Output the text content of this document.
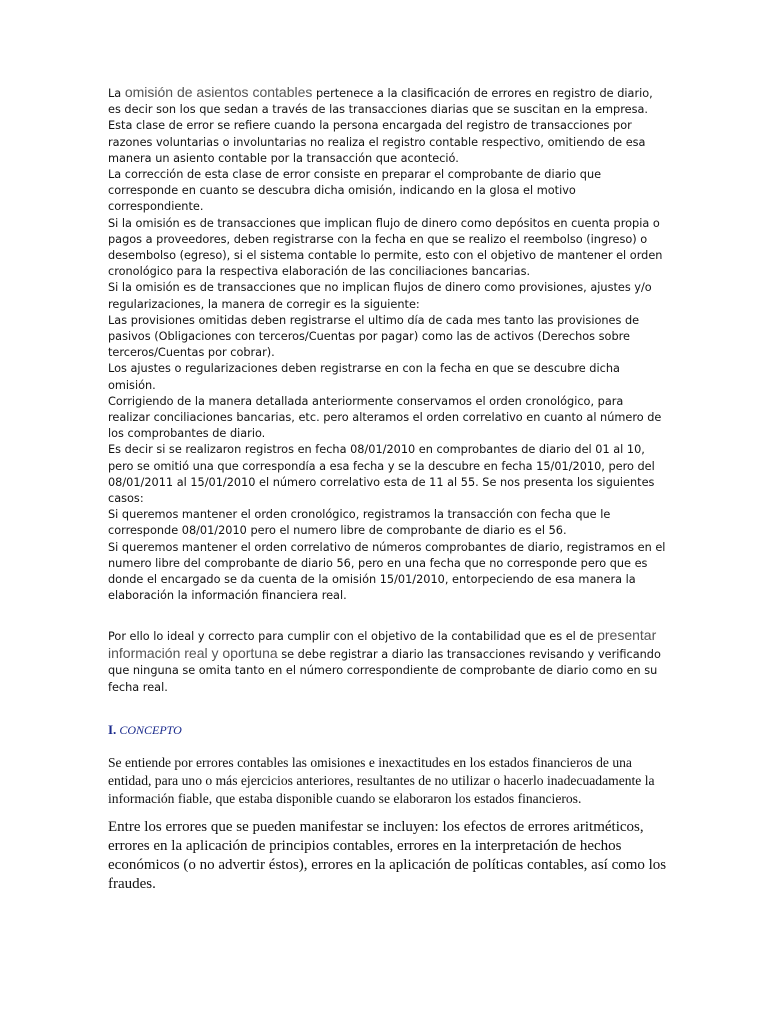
La omisión de asientos contables pertenece a la clasificación de errores en registro de diario, es decir son los que sedan a través de las transacciones diarias que se suscitan en la empresa.

Esta clase de error se refiere cuando la persona encargada del registro de transacciones por razones voluntarias o involuntarias no realiza el registro contable respectivo, omitiendo de esa manera un asiento contable por la transacción que aconteció.

La corrección de esta clase de error consiste en preparar el comprobante de diario que corresponde en cuanto se descubra dicha omisión, indicando en la glosa el motivo correspondiente.

Si la omisión es de transacciones que implican flujo de dinero como depósitos en cuenta propia o pagos a proveedores, deben registrarse con la fecha en que se realizo el reembolso (ingreso) o desembolso (egreso), si el sistema contable lo permite, esto con el objetivo de mantener el orden cronológico para la respectiva elaboración de las conciliaciones bancarias.

Si la omisión es de transacciones que no implican flujos de dinero como provisiones, ajustes y/o regularizaciones, la manera de corregir es la siguiente:

Las provisiones omitidas deben registrarse el ultimo día de cada mes tanto las provisiones de pasivos (Obligaciones con terceros/Cuentas por pagar) como las de activos (Derechos sobre terceros/Cuentas por cobrar).

Los ajustes o regularizaciones deben registrarse en con la fecha en que se descubre dicha omisión.

Corrigiendo de la manera detallada anteriormente conservamos el orden cronológico, para realizar conciliaciones bancarias, etc. pero alteramos el orden correlativo en cuanto al número de los comprobantes de diario.

Es decir si se realizaron registros en fecha 08/01/2010 en comprobantes de diario del 01 al 10, pero se omitió una que correspondía a esa fecha y se la descubre en fecha 15/01/2010, pero del 08/01/2011 al 15/01/2010 el número correlativo esta de 11 al 55. Se nos presenta los siguientes casos:

Si queremos mantener el orden cronológico, registramos la transacción con fecha que le corresponde 08/01/2010 pero el numero libre de comprobante de diario es el 56.

Si queremos mantener el orden correlativo de números comprobantes de diario, registramos en el numero libre del comprobante de diario 56, pero en una fecha que no corresponde pero que es donde el encargado se da cuenta de la omisión 15/01/2010, entorpeciendo de esa manera la elaboración la información financiera real.

Por ello lo ideal y correcto para cumplir con el objetivo de la contabilidad que es el de presentar información real y oportuna se debe registrar a diario las transacciones revisando y verificando que ninguna se omita tanto en el número correspondiente de comprobante de diario como en su fecha real.

I. CONCEPTO

Se entiende por errores contables las omisiones e inexactitudes en los estados financieros de una entidad, para uno o más ejercicios anteriores, resultantes de no utilizar o hacerlo inadecuadamente la información fiable, que estaba disponible cuando se elaboraron los estados financieros.

Entre los errores que se pueden manifestar se incluyen: los efectos de errores aritméticos, errores en la aplicación de principios contables, errores en la interpretación de hechos económicos (o no advertir éstos), errores en la aplicación de políticas contables, así como los fraudes.
